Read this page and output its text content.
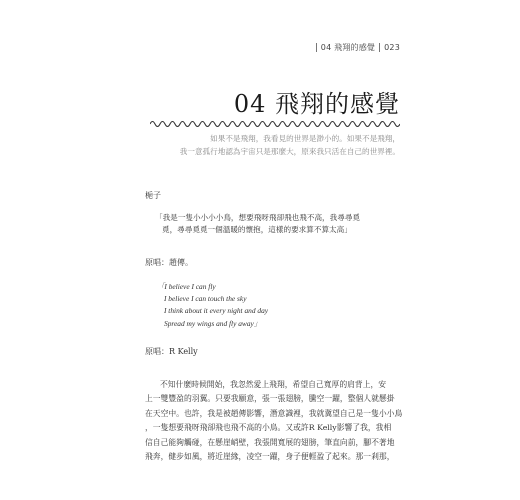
04 飛翔的感覺 023
04 飛翔的感覺
如果不是飛翔，我看見的世界是渺小的。如果不是飛翔，
我一意孤行地認為宇宙只是那麼大，原來我只活在自己的世界裡。
梔子
「我是一隻小小小小鳥，想要飛呀飛卻飛也飛不高，我尋尋覓
覓，尋尋覓覓一個溫暖的懷抱，這樣的要求算不算太高」
原唱：趙傳。
「I believe I can fly
I believe I can touch the sky
I think about it every night and day
Spread my wings and fly away」
原唱：R Kelly
不知什麼時候開始，我忽然愛上飛翔，希望自己寬厚的肩背上，安
上一雙豐盈的羽翼。只要我願意，張一張翅膀，騰空一躍，整個人就懸掛
在天空中。也許，我是被趙傳影響，潛意識裡，我就冀望自己是一隻小小鳥
，一隻想要飛呀飛卻飛也飛不高的小鳥。又或許R Kelly影響了我，我相
信自己能夠觸碰，在懸崖峭壁，我張開寬展的翅膀，筆直向前，腳不著地
飛奔，健步如風，將近崖緣，凌空一躍，身子便輕盈了起來。那一剎那，
